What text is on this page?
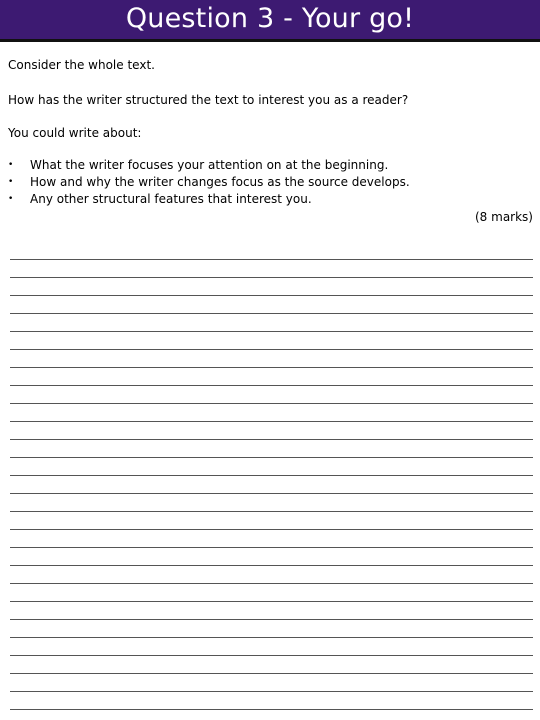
Question 3 - Your go!

Consider the whole text.

How has the writer structured the text to interest you as a reader?

You could write about:

• What the writer focuses your attention on at the beginning.
• How and why the writer changes focus as the source develops.
• Any other structural features that interest you.
(8 marks)
